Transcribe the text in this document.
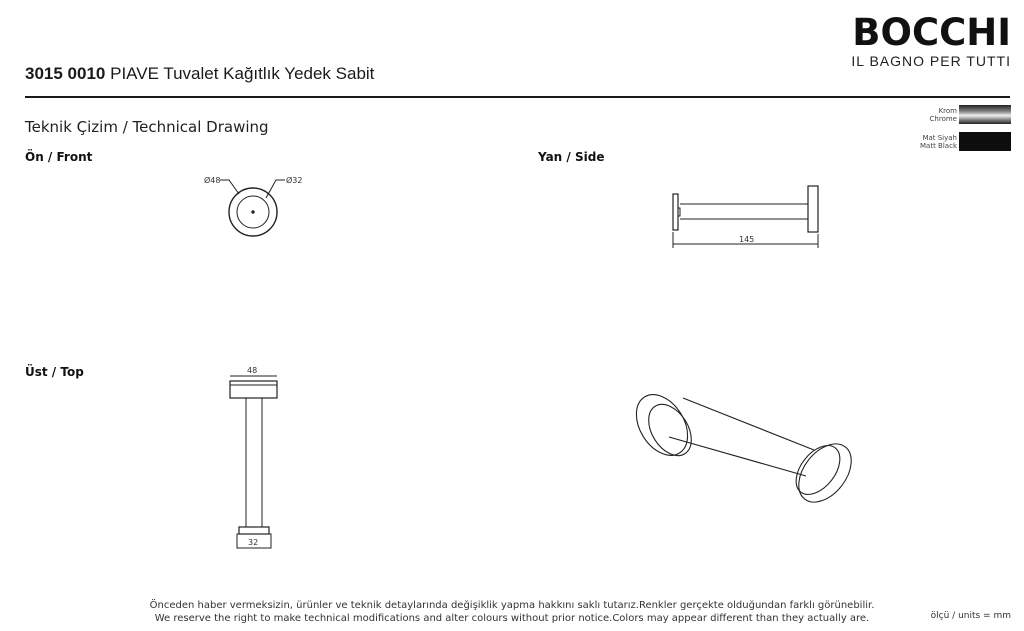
BOCCHI
IL BAGNO PER TUTTI
3015 0010 PIAVE Tuvalet Kağıtlık Yedek Sabit
Teknik Çizim / Technical Drawing
Krom
Chrome
Mat Siyah
Matt Black
Ön / Front	Yan / Side
Üst / Top
Ø48	Ø32
145
48
32
Önceden haber vermeksizin, ürünler ve teknik detaylarında değişiklik yapma hakkını saklı tutarız.Renkler gerçekte olduğundan farklı görünebilir.
We reserve the right to make technical modifications and alter colours without prior notice.Colors may appear different than they actually are.	ölçü / units = mm
